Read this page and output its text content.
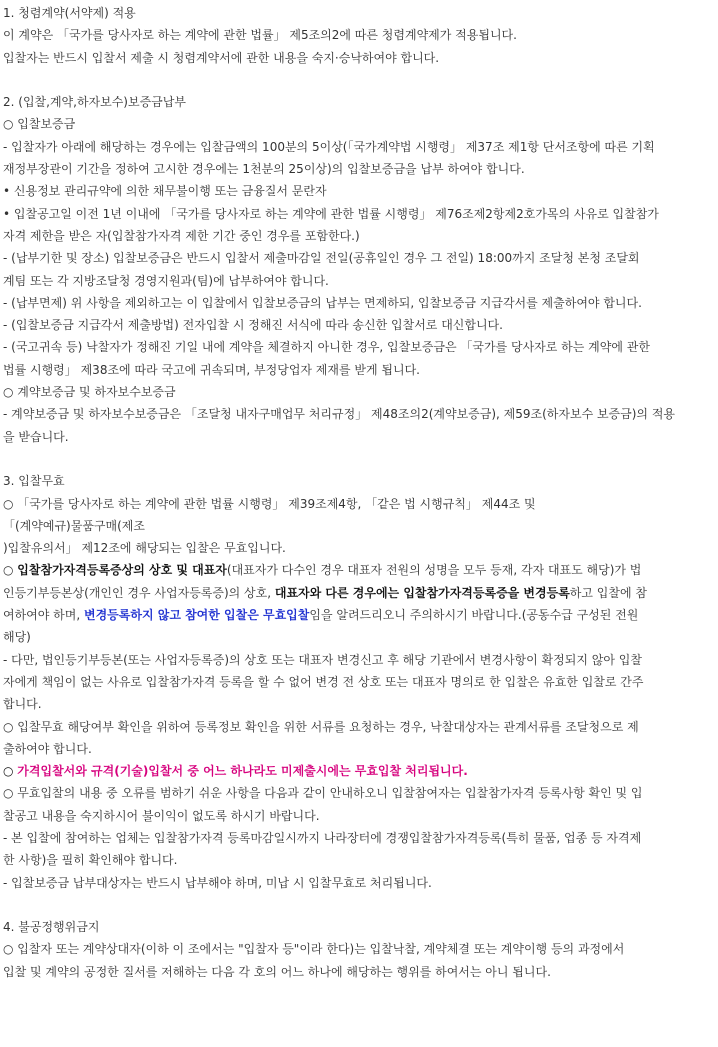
1. 청렴계약(서약제) 적용
이 계약은 「국가를 당사자로 하는 계약에 관한 법률」 제5조의2에 따른 청렴계약제가 적용됩니다.
입찰자는 반드시 입찰서 제출 시 청렴계약서에 관한 내용을 숙지·승낙하여야 합니다.
2. (입찰,계약,하자보수)보증금납부
○ 입찰보증금
- 입찰자가 아래에 해당하는 경우에는 입찰금액의 100분의 5이상(「국가계약법 시행령」 제37조 제1항 단서조항에 따른 기획
재정부장관이 기간을 정하여 고시한 경우에는 1천분의 25이상)의 입찰보증금을 납부 하여야 합니다.
• 신용정보 관리규약에 의한 채무불이행 또는 금융질서 문란자
• 입찰공고일 이전 1년 이내에 「국가를 당사자로 하는 계약에 관한 법률 시행령」 제76조제2항제2호가목의 사유로 입찰참가
자격 제한을 받은 자(입찰참가자격 제한 기간 중인 경우를 포함한다.)
- (납부기한 및 장소) 입찰보증금은 반드시 입찰서 제출마감일 전일(공휴일인 경우 그 전일) 18:00까지 조달청 본청 조달회
계팀 또는 각 지방조달청 경영지원과(팀)에 납부하여야 합니다.
- (납부면제) 위 사항을 제외하고는 이 입찰에서 입찰보증금의 납부는 면제하되, 입찰보증금 지급각서를 제출하여야 합니다.
- (입찰보증금 지급각서 제출방법) 전자입찰 시 정해진 서식에 따라 송신한 입찰서로 대신합니다.
- (국고귀속 등) 낙찰자가 정해진 기일 내에 계약을 체결하지 아니한 경우, 입찰보증금은 「국가를 당사자로 하는 계약에 관한
법률 시행령」 제38조에 따라 국고에 귀속되며, 부정당업자 제재를 받게 됩니다.
○ 계약보증금 및 하자보수보증금
- 계약보증금 및 하자보수보증금은 「조달청 내자구매업무 처리규정」 제48조의2(계약보증금), 제59조(하자보수 보증금)의 적용
을 받습니다.
3. 입찰무효
○ 「국가를 당사자로 하는 계약에 관한 법률 시행령」 제39조제4항, 「같은 법 시행규칙」 제44조 및
「(계약예규)물품구매(제조
)입찰유의서」 제12조에 해당되는 입찰은 무효입니다.
○ 입찰참가자격등록증상의 상호 및 대표자(대표자가 다수인 경우 대표자 전원의 성명을 모두 등재, 각자 대표도 해당)가 법
인등기부등본상(개인인 경우 사업자등록증)의 상호, 대표자와 다른 경우에는 입찰참가자격등록증을 변경등록하고 입찰에 참
여하여야 하며, 변경등록하지 않고 참여한 입찰은 무효입찰임을 알려드리오니 주의하시기 바랍니다.(공동수급 구성된 전원
해당)
- 다만, 법인등기부등본(또는 사업자등록증)의 상호 또는 대표자 변경신고 후 해당 기관에서 변경사항이 확정되지 않아 입찰
자에게 책임이 없는 사유로 입찰참가자격 등록을 할 수 없어 변경 전 상호 또는 대표자 명의로 한 입찰은 유효한 입찰로 간주
합니다.
○ 입찰무효 해당여부 확인을 위하여 등록정보 확인을 위한 서류를 요청하는 경우, 낙찰대상자는 관계서류를 조달청으로 제
출하여야 합니다.
○ 가격입찰서와 규격(기술)입찰서 중 어느 하나라도 미제출시에는 무효입찰 처리됩니다.
○ 무효입찰의 내용 중 오류를 범하기 쉬운 사항을 다음과 같이 안내하오니 입찰참여자는 입찰참가자격 등록사항 확인 및 입
찰공고 내용을 숙지하시어 불이익이 없도록 하시기 바랍니다.
- 본 입찰에 참여하는 업체는 입찰참가자격 등록마감일시까지 나라장터에 경쟁입찰참가자격등록(특히 물품, 업종 등 자격제
한 사항)을 필히 확인해야 합니다.
- 입찰보증금 납부대상자는 반드시 납부해야 하며, 미납 시 입찰무효로 처리됩니다.
4. 불공정행위금지
○ 입찰자 또는 계약상대자(이하 이 조에서는 "입찰자 등"이라 한다)는 입찰낙찰, 계약체결 또는 계약이행 등의 과정에서
입찰 및 계약의 공정한 질서를 저해하는 다음 각 호의 어느 하나에 해당하는 행위를 하여서는 아니 됩니다.
